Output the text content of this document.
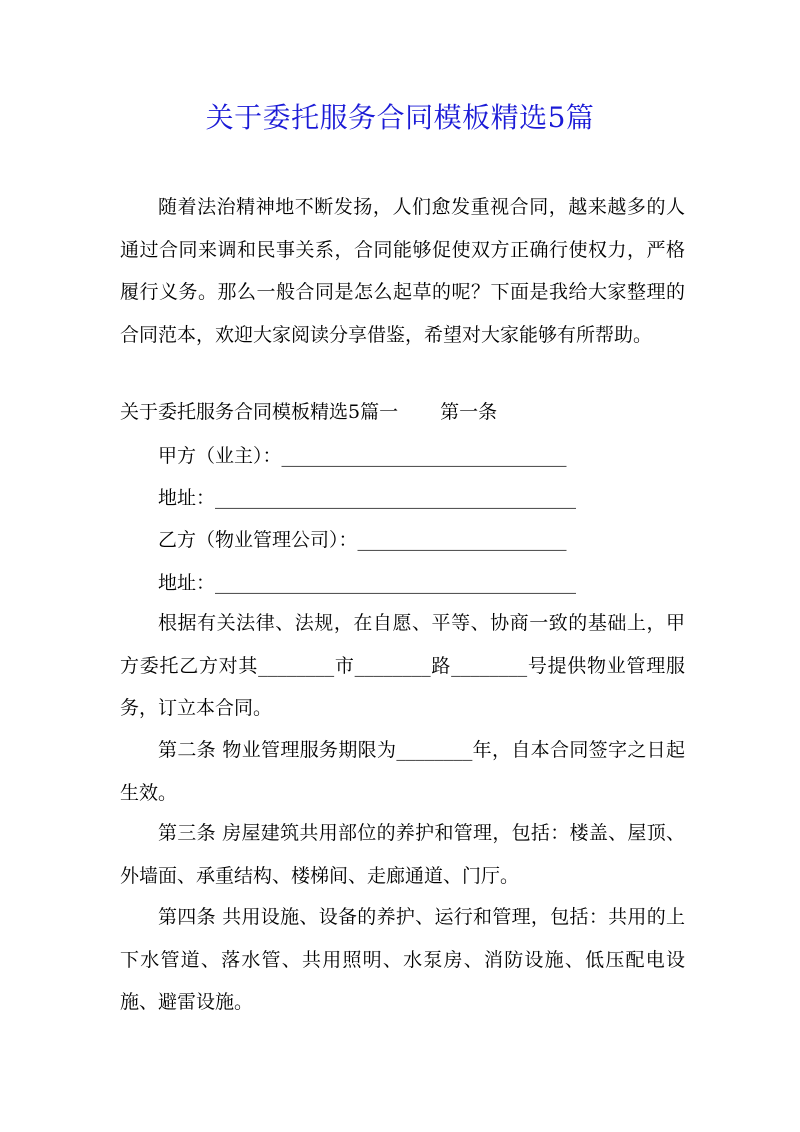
关于委托服务合同模板精选5篇

随着法治精神地不断发扬，人们愈发重视合同，越来越多的人通过合同来调和民事关系，合同能够促使双方正确行使权力，严格履行义务。那么一般合同是怎么起草的呢？下面是我给大家整理的合同范本，欢迎大家阅读分享借鉴，希望对大家能够有所帮助。

关于委托服务合同模板精选5篇一 第一条

甲方（业主）：______________________________

地址：______________________________________

乙方（物业管理公司）：______________________

地址：______________________________________

根据有关法律、法规，在自愿、平等、协商一致的基础上，甲方委托乙方对其________市________路________号提供物业管理服务，订立本合同。

第二条 物业管理服务期限为________年，自本合同签字之日起生效。

第三条 房屋建筑共用部位的养护和管理，包括：楼盖、屋顶、外墙面、承重结构、楼梯间、走廊通道、门厅。

第四条 共用设施、设备的养护、运行和管理，包括：共用的上下水管道、落水管、共用照明、水泵房、消防设施、低压配电设施、避雷设施。
